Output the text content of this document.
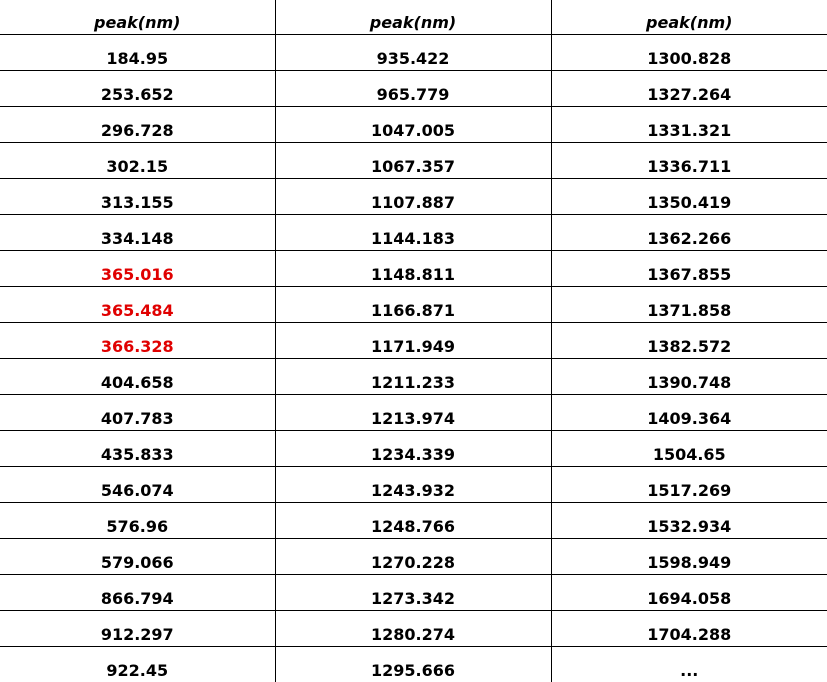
peak(nm)	peak(nm)	peak(nm)
184.95	935.422	1300.828
253.652	965.779	1327.264
296.728	1047.005	1331.321
302.15	1067.357	1336.711
313.155	1107.887	1350.419
334.148	1144.183	1362.266
365.016	1148.811	1367.855
365.484	1166.871	1371.858
366.328	1171.949	1382.572
404.658	1211.233	1390.748
407.783	1213.974	1409.364
435.833	1234.339	1504.65
546.074	1243.932	1517.269
576.96	1248.766	1532.934
579.066	1270.228	1598.949
866.794	1273.342	1694.058
912.297	1280.274	1704.288
922.45	1295.666	...
